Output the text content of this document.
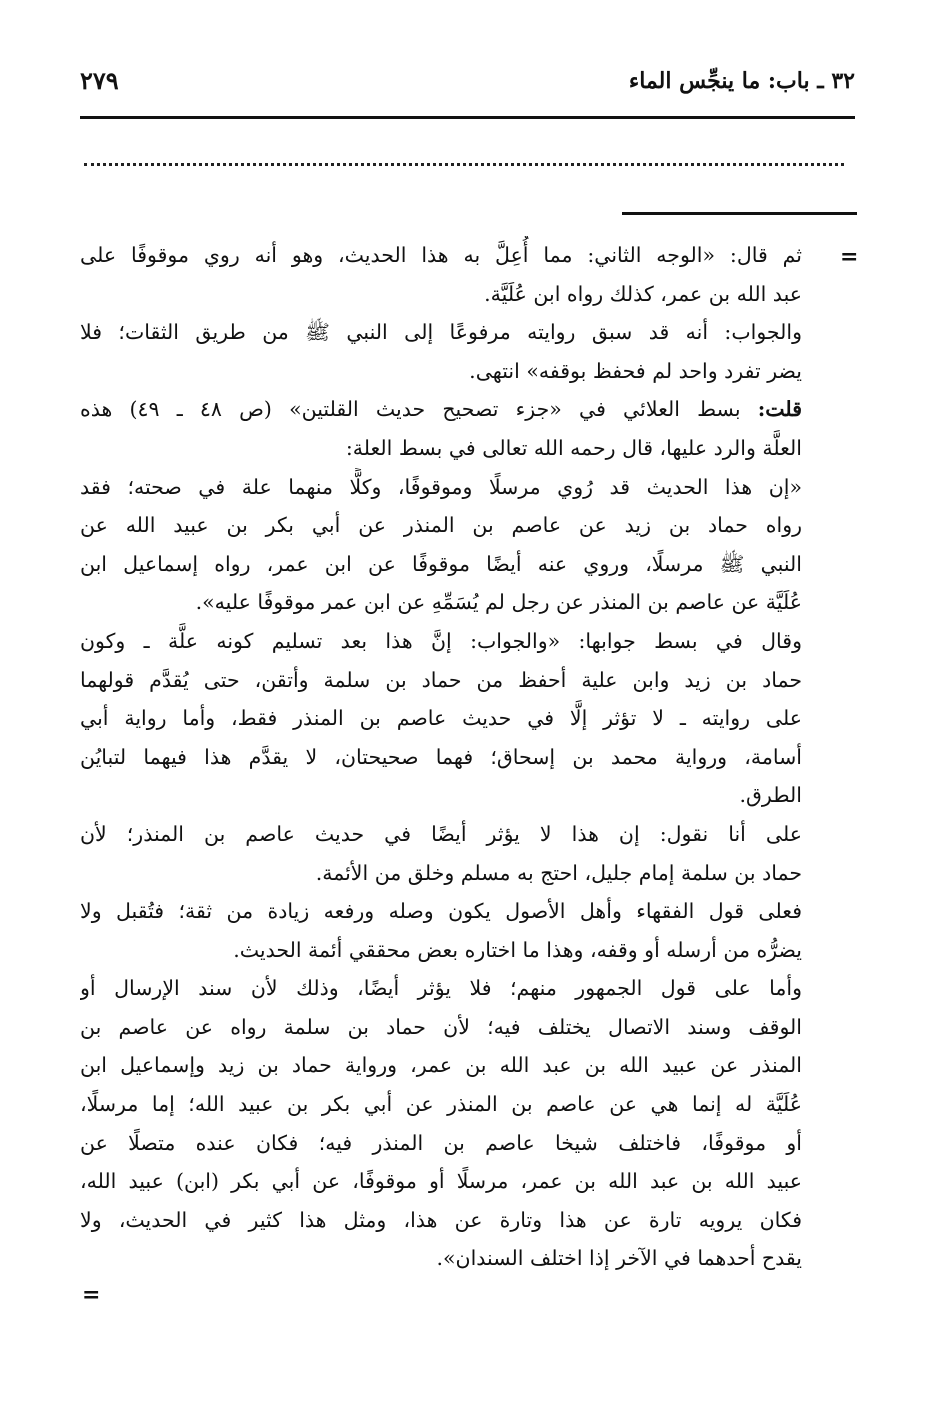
٣٢ ـ باب: ما ينجِّس الماء
٢٧٩
=
=
ثم قال: «الوجه الثاني: مما أُعِلَّ به هذا الحديث، وهو أنه روي موقوفًا على
عبد الله بن عمر، كذلك رواه ابن عُلَيَّة.
والجواب: أنه قد سبق روايته مرفوعًا إلى النبي ﷺ من طريق الثقات؛ فلا
يضر تفرد واحد لم فحفظ بوقفه» انتهى.
قلت: بسط العلائي في «جزء تصحيح حديث القلتين» (ص ٤٨ ـ ٤٩) هذه
العلَّة والرد عليها، قال رحمه الله تعالى في بسط العلة:
«إن هذا الحديث قد رُوي مرسلًا وموقوفًا، وكلًّا منهما علة في صحته؛ فقد
رواه حماد بن زيد عن عاصم بن المنذر عن أبي بكر بن عبيد الله عن
النبي ﷺ مرسلًا، وروي عنه أيضًا موقوفًا عن ابن عمر، رواه إسماعيل ابن
عُلَيَّة عن عاصم بن المنذر عن رجل لم يُسَمِّهِ عن ابن عمر موقوفًا عليه».
وقال في بسط جوابها: «والجواب: إنَّ هذا بعد تسليم كونه علَّة ـ وكون
حماد بن زيد وابن علية أحفظ من حماد بن سلمة وأتقن، حتى يُقدَّم قولهما
على روايته ـ لا تؤثر إلَّا في حديث عاصم بن المنذر فقط، وأما رواية أبي
أسامة، ورواية محمد بن إسحاق؛ فهما صحيحتان، لا يقدَّم هذا فيهما لتبايُن
الطرق.
على أنا نقول: إن هذا لا يؤثر أيضًا في حديث عاصم بن المنذر؛ لأن
حماد بن سلمة إمام جليل، احتج به مسلم وخلق من الأئمة.
فعلى قول الفقهاء وأهل الأصول يكون وصله ورفعه زيادة من ثقة؛ فتُقبل ولا
يضرُّه من أرسله أو وقفه، وهذا ما اختاره بعض محققي أئمة الحديث.
وأما على قول الجمهور منهم؛ فلا يؤثر أيضًا، وذلك لأن سند الإرسال أو
الوقف وسند الاتصال يختلف فيه؛ لأن حماد بن سلمة رواه عن عاصم بن
المنذر عن عبيد الله بن عبد الله بن عمر، ورواية حماد بن زيد وإسماعيل ابن
عُلَيَّة له إنما هي عن عاصم بن المنذر عن أبي بكر بن عبيد الله؛ إما مرسلًا،
أو موقوفًا، فاختلف شيخا عاصم بن المنذر فيه؛ فكان عنده متصلًا عن
عبيد الله بن عبد الله بن عمر، مرسلًا أو موقوفًا، عن أبي بكر (ابن) عبيد الله،
فكان يرويه تارة عن هذا وتارة عن هذا، ومثل هذا كثير في الحديث، ولا
يقدح أحدهما في الآخر إذا اختلف السندان».
